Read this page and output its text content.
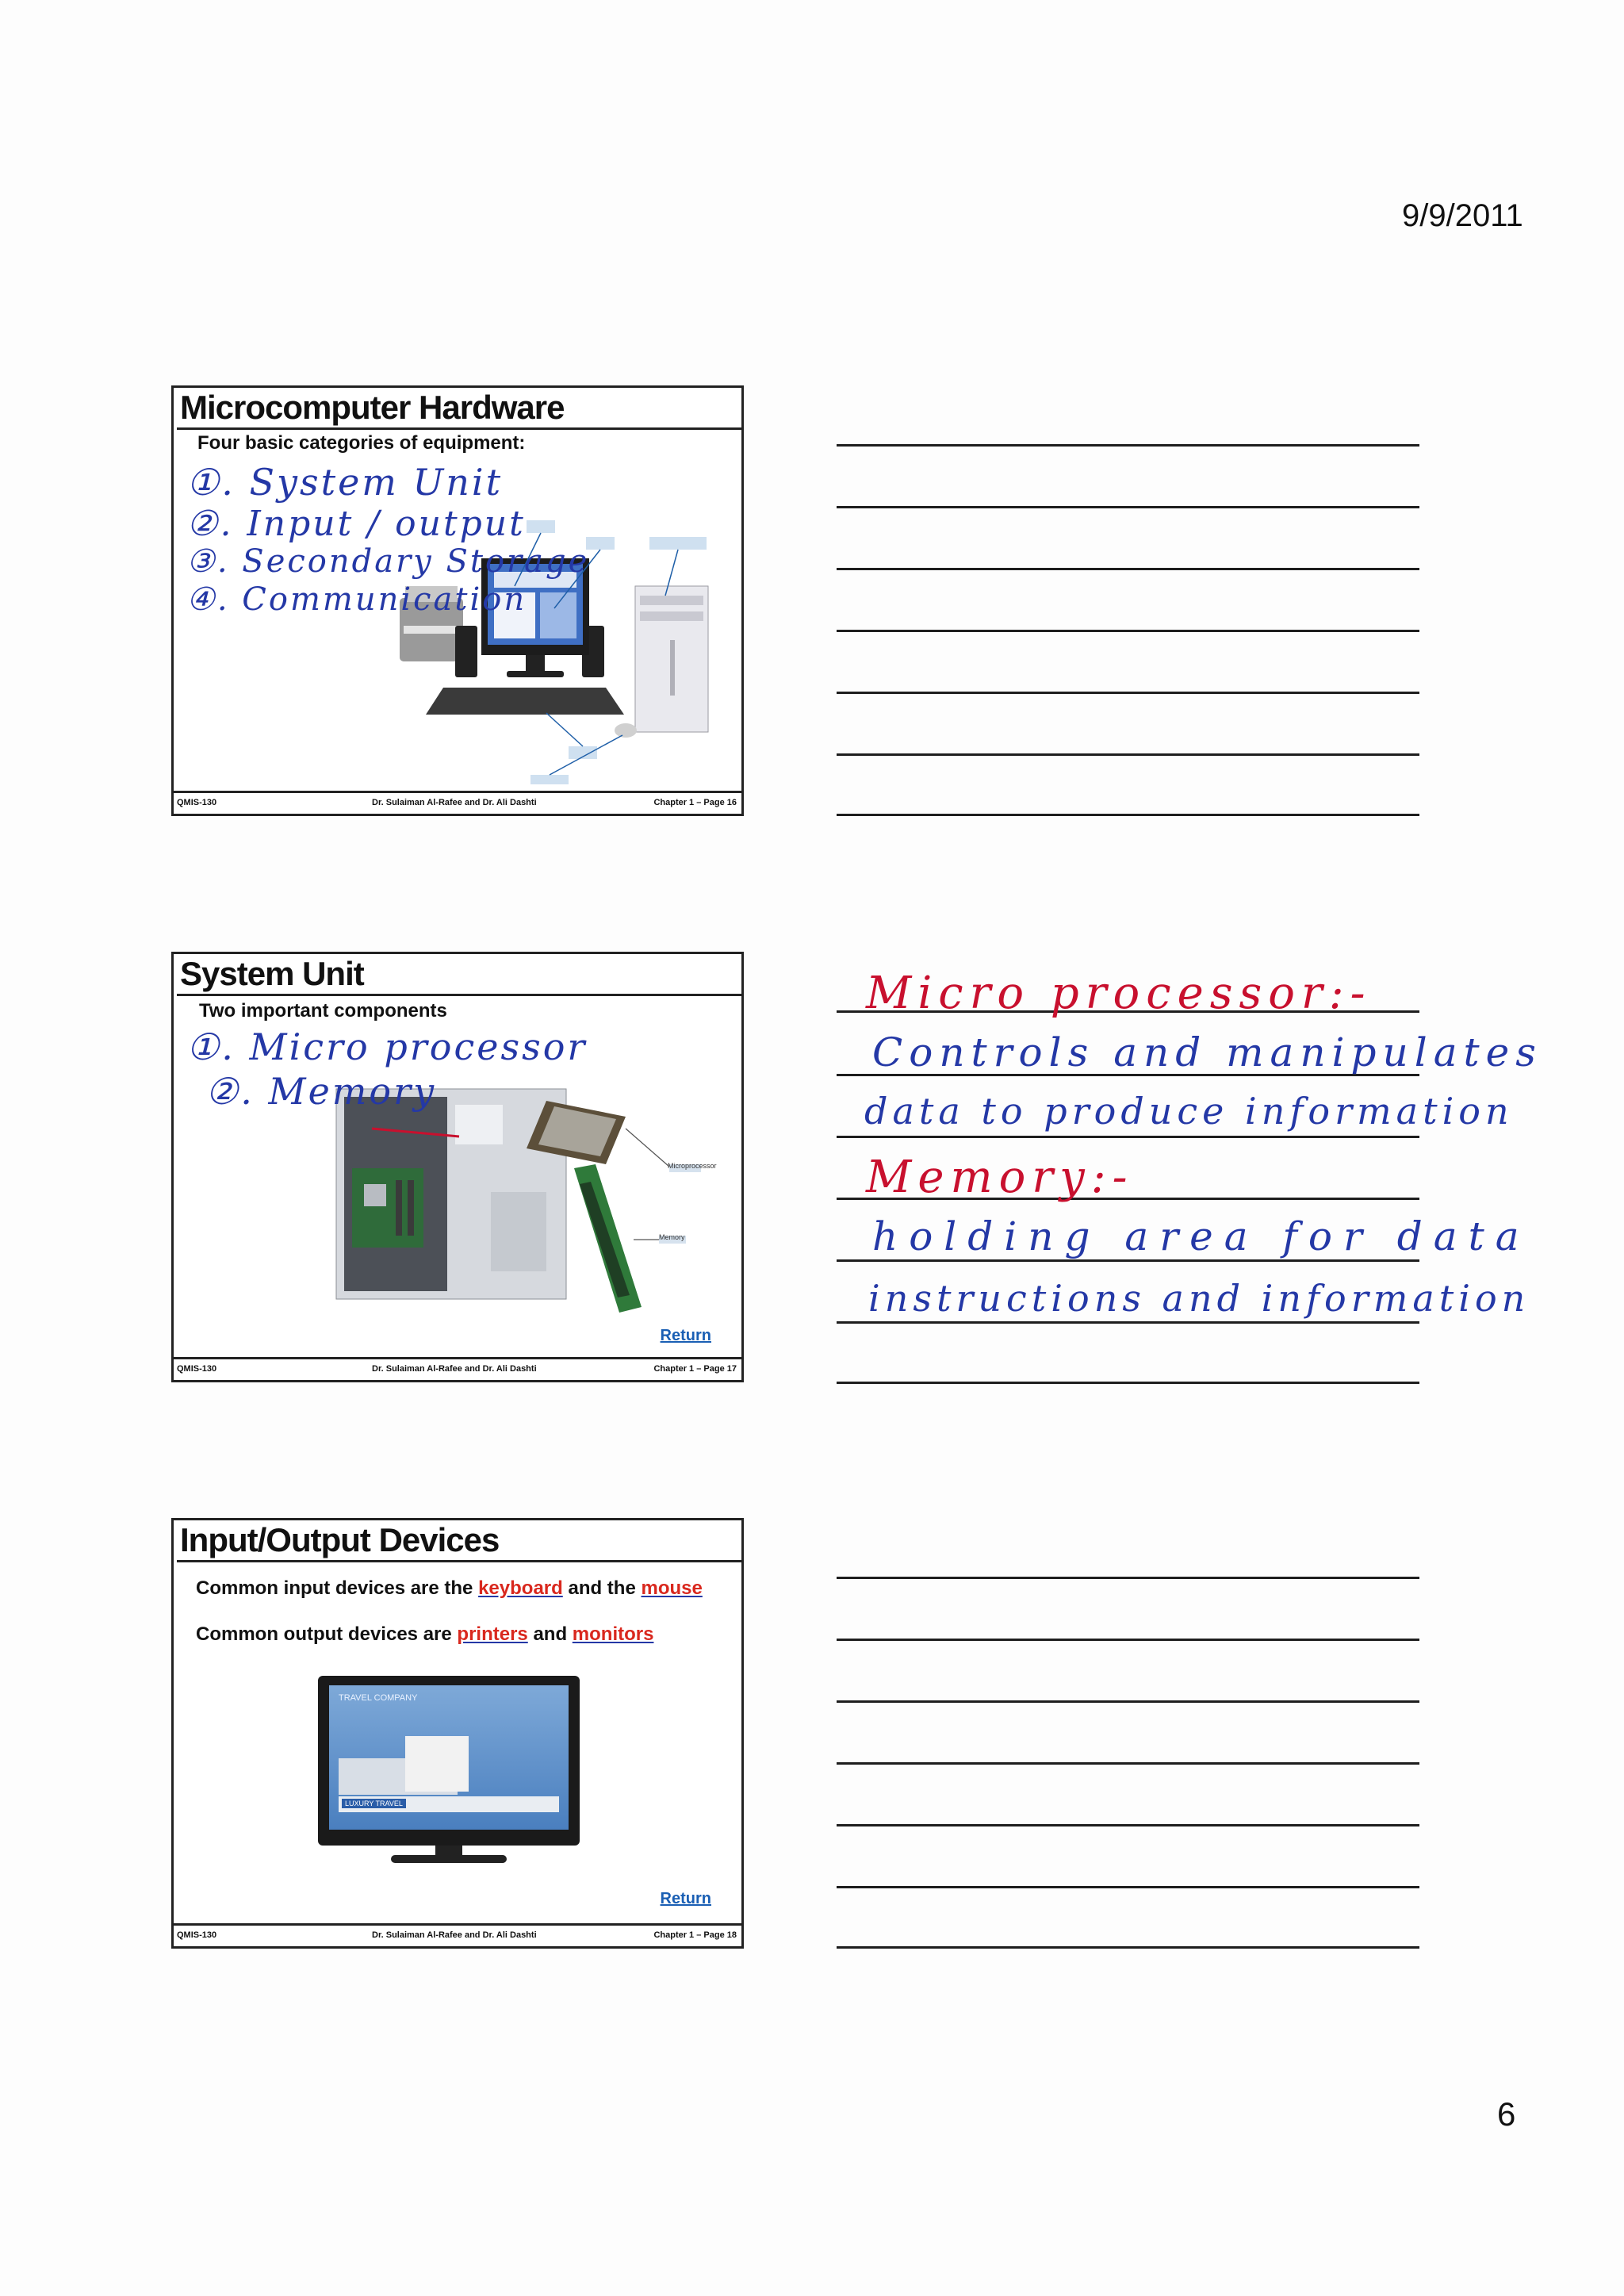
9/9/2011
Microcomputer Hardware
Four basic categories of equipment:
①. System Unit
②. Input / output
③. Secondary Storage
④. Communication
QMIS-130	Dr. Sulaiman Al-Rafee and Dr. Ali Dashti	Chapter 1 – Page 16
System Unit
Two important components
Microprocessor
Memory
①. Micro processor
②. Memory
Return
QMIS-130	Dr. Sulaiman Al-Rafee and Dr. Ali Dashti	Chapter 1 – Page 17
Input/Output Devices
Common input devices are the keyboard and the mouse
Common output devices are printers and monitors
TRAVEL COMPANY
LUXURY TRAVEL
Return
QMIS-130	Dr. Sulaiman Al-Rafee and Dr. Ali Dashti	Chapter 1 – Page 18
Micro processor:-
Controls and manipulates
data to produce information
Memory:-
holding area for data
instructions and information
6
